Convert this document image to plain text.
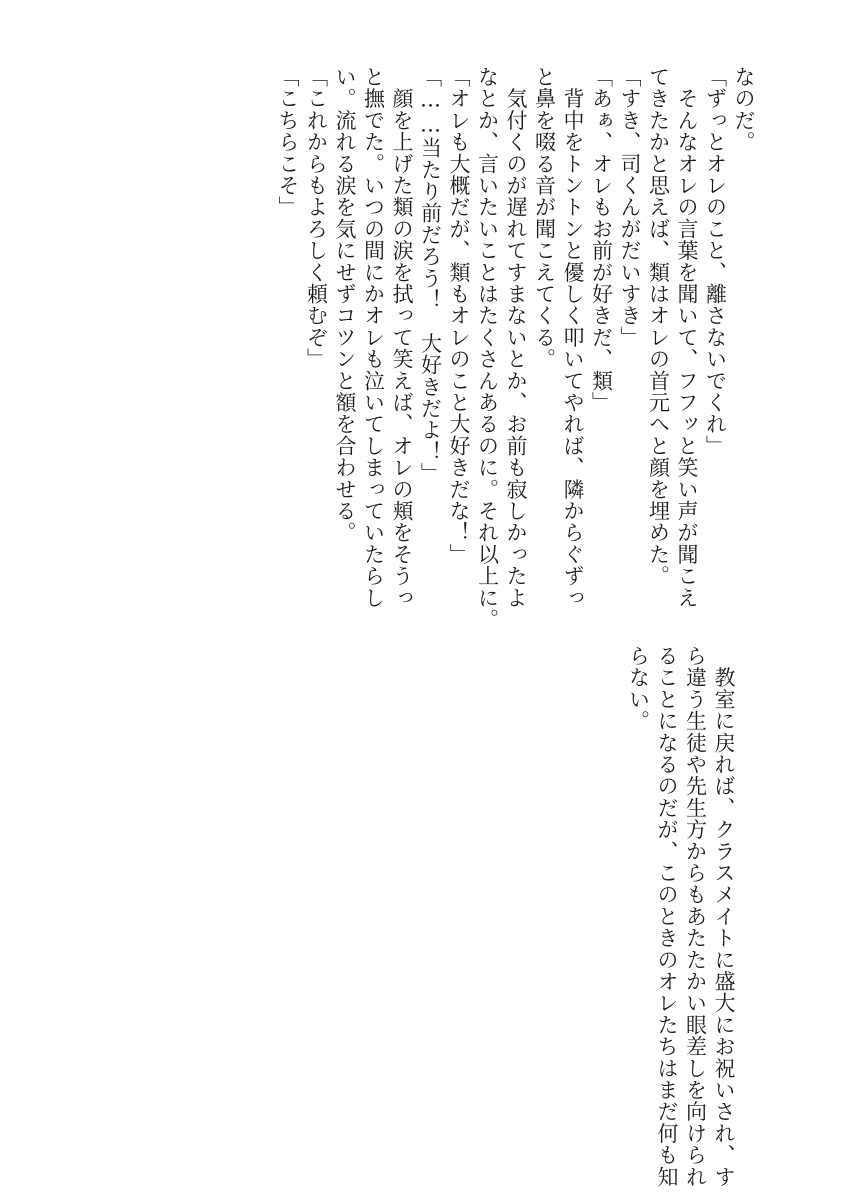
なのだ。
「ずっとオレのこと、離さないでくれ」
　そんなオレの言葉を聞いて、フフッと笑い声が聞こえ
てきたかと思えば、類はオレの首元へと顔を埋めた。
「すき、司くんがだいすき」
「あぁ、オレもお前が好きだ、類」
　背中をトントンと優しく叩いてやれば、隣からぐずっ
と鼻を啜る音が聞こえてくる。
　気付くのが遅れてすまないとか、お前も寂しかったよ
なとか、言いたいことはたくさんあるのに。それ以上に。
「オレも大概だが、類もオレのこと大好きだな！」
「……当たり前だろう！　大好きだよ！」
　顔を上げた類の涙を拭って笑えば、オレの頬をそうっ
と撫でた。いつの間にかオレも泣いてしまっていたらし
い。流れる涙を気にせずコツンと額を合わせる。
「これからもよろしく頼むぞ」
「こちらこそ」
　教室に戻れば、クラスメイトに盛大にお祝いされ、す
ら違う生徒や先生方からもあたたかい眼差しを向けられ
ることになるのだが、このときのオレたちはまだ何も知
らない。
